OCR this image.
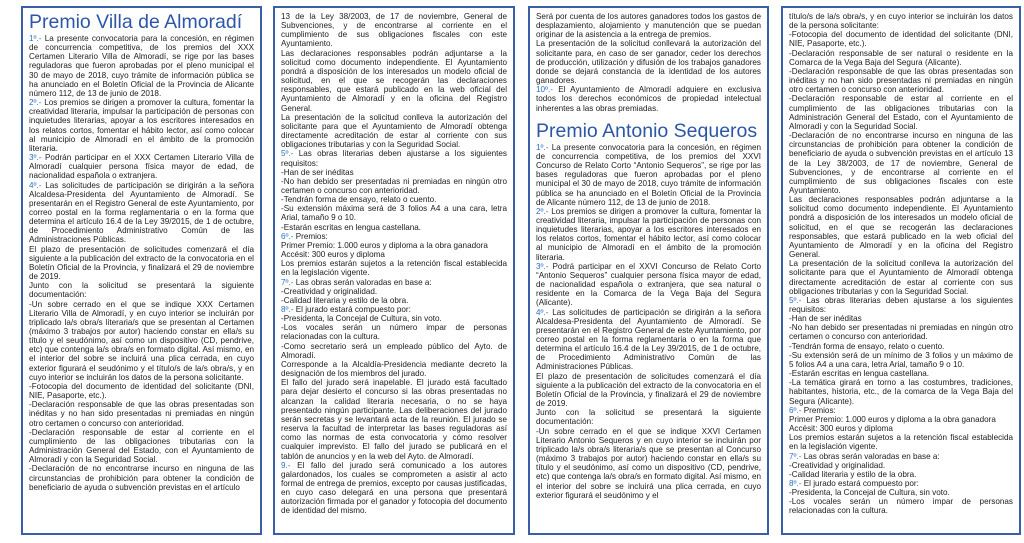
Premio Villa de Almoradí

1º.- La presente convocatoria para la concesión, en régimen de concurrencia competitiva, de los premios del XXX Certamen Literario Villa de Almoradí, se rige por las bases reguladoras que fueron aprobadas por el pleno municipal el 30 de mayo de 2018, cuyo trámite de información pública se ha anunciado en el Boletín Oficial de la Provincia de Alicante número 112, de 13 de junio de 2018.

2º.- Los premios se dirigen a promover la cultura, fomentar la creatividad literaria, impulsar la participación de personas con inquietudes literarias, apoyar a los escritores interesados en los relatos cortos, fomentar el hábito lector, así como colocar al municipio de Almoradí en el ámbito de la promoción literaria.

3º.- Podrán participar en el XXX Certamen Literario Villa de Almoradí cualquier persona física mayor de edad, de nacionalidad española o extranjera.

4º.- Las solicitudes de participación se dirigirán a la señora Alcaldesa-Presidenta del Ayuntamiento de Almoradí. Se presentarán en el Registro General de este Ayuntamiento, por correo postal en la forma reglamentaria o en la forma que determina el artículo 16.4 de la Ley 39/2015, de 1 de octubre, de Procedimiento Administrativo Común de las Administraciones Públicas.

El plazo de presentación de solicitudes comenzará el día siguiente a la publicación del extracto de la convocatoria en el Boletín Oficial de la Provincia, y finalizará el 29 de noviembre de 2019.

Junto con la solicitud se presentará la siguiente documentación:

-Un sobre cerrado en el que se indique XXX Certamen Literario Villa de Almoradí, y en cuyo interior se incluirán por triplicado la/s obra/s literaria/s que se presentan al Certamen (máximo 3 trabajos por autor) haciendo constar en ella/s su título y el seudónimo, así como un dispositivo (CD, pendrive, etc) que contenga la/s obra/s en formato digital. Así mismo, en el interior del sobre se incluirá una plica cerrada, en cuyo exterior figurará el seudónimo y el título/s de la/s obra/s, y en cuyo interior se incluirán los datos de la persona solicitante.

-Fotocopia del documento de identidad del solicitante (DNI, NIE, Pasaporte, etc.).

-Declaración responsable de que las obras presentadas son inéditas y no han sido presentadas ni premiadas en ningún otro certamen o concurso con anterioridad.

-Declaración responsable de estar al corriente en el cumplimiento de las obligaciones tributarias con la Administración General del Estado, con el Ayuntamiento de Almoradí y con la Seguridad Social.

-Declaración de no encontrarse incurso en ninguna de las circunstancias de prohibición para obtener la condición de beneficiario de ayuda o subvención previstas en el artículo

13 de la Ley 38/2003, de 17 de noviembre, General de Subvenciones, y de encontrarse al corriente en el cumplimiento de sus obligaciones fiscales con este Ayuntamiento.

Las declaraciones responsables podrán adjuntarse a la solicitud como documento independiente. El Ayuntamiento pondrá a disposición de los interesados un modelo oficial de solicitud, en el que se recogerán las declaraciones responsables, que estará publicado en la web oficial del Ayuntamiento de Almoradí y en la oficina del Registro General.

La presentación de la solicitud conlleva la autorización del solicitante para que el Ayuntamiento de Almoradí obtenga directamente acreditación de estar al corriente con sus obligaciones tributarias y con la Seguridad Social.

5º.- Las obras literarias deben ajustarse a los siguientes requisitos:

-Han de ser inéditas

-No han debido ser presentadas ni premiadas en ningún otro certamen o concurso con anterioridad.

-Tendrán forma de ensayo, relato o cuento.

-Su extensión máxima será de 3 folios A4 a una cara, letra Arial, tamaño 9 o 10.

-Estarán escritas en lengua castellana.

6º.- Premios:

Primer Premio: 1.000 euros y diploma a la obra ganadora

Accésit: 300 euros y diploma

Los premios estarán sujetos a la retención fiscal establecida en la legislación vigente.

7º.- Las obras serán valoradas en base a:

-Creatividad y originalidad.

-Calidad literaria y estilo de la obra.

8º.- El jurado estará compuesto por:

-Presidenta, la Concejal de Cultura, sin voto.

-Los vocales serán un número impar de personas relacionadas con la cultura.

-Como secretario será un empleado público del Ayto. de Almoradí.

Corresponde a la Alcaldía-Presidencia mediante decreto la designación de los miembros del jurado.

El fallo del jurado será inapelable. El jurado está facultado para dejar desierto el concurso si las obras presentadas no alcanzan la calidad literaria necesaria, o no se haya presentado ningún participante. Las deliberaciones del jurado serán secretas y se levantará acta de la reunión. El jurado se reserva la facultad de interpretar las bases reguladoras así como las normas de esta convocatoria y cómo resolver cualquier imprevisto. El fallo del jurado se publicará en el tablón de anuncios y en la web del Ayto. de Almoradí.

9.- El fallo del jurado será comunicado a los autores galardonados, los cuales se comprometen a asistir al acto formal de entrega de premios, excepto por causas justificadas, en cuyo caso delegará en una persona que presentará autorización firmada por el ganador y fotocopia del documento de identidad del mismo.

Será por cuenta de los autores ganadores todos los gastos de desplazamiento, alojamiento y manutención que se puedan originar de la asistencia a la entrega de premios.

La presentación de la solicitud conllevará la autorización del solicitante para, en caso de ser ganador, ceder los derechos de producción, utilización y difusión de los trabajos ganadores donde se dejará constancia de la identidad de los autores ganadores.

10º.- El Ayuntamiento de Almoradí adquiere en exclusiva todos los derechos económicos de propiedad intelectual inherentes a las obras premiadas.

Premio Antonio Sequeros

1º.- La presente convocatoria para la concesión, en régimen de concurrencia competitiva, de los premios del XXVI Concurso de Relato Corto “Antonio Sequeros”, se rige por las bases reguladoras que fueron aprobadas por el pleno municipal el 30 de mayo de 2018, cuyo trámite de información pública se ha anunciado en el Boletín Oficial de la Provincia de Alicante número 112, de 13 de junio de 2018.

2º.- Los premios se dirigen a promover la cultura, fomentar la creatividad literaria, impulsar la participación de personas con inquietudes literarias, apoyar a los escritores interesados en los relatos cortos, fomentar el hábito lector, así como colocar al municipio de Almoradí en el ámbito de la promoción literaria.

3º.- Podrá participar en el XXVI Concurso de Relato Corto “Antonio Sequeros” cualquier persona física mayor de edad, de nacionalidad española o extranjera, que sea natural o residente en la Comarca de la Vega Baja del Segura (Alicante).

4º.- Las solicitudes de participación se dirigirán a la señora Alcaldesa-Presidenta del Ayuntamiento de Almoradí. Se presentarán en el Registro General de este Ayuntamiento, por correo postal en la forma reglamentaria o en la forma que determina el artículo 16.4 de la Ley 39/2015, de 1 de octubre, de Procedimiento Administrativo Común de las Administraciones Públicas.

El plazo de presentación de solicitudes comenzará el día siguiente a la publicación del extracto de la convocatoria en el Boletín Oficial de la Provincia, y finalizará el 29 de noviembre de 2019.

Junto con la solicitud se presentará la siguiente documentación:

-Un sobre cerrado en el que se indique XXVI Certamen Literario Antonio Sequeros y en cuyo interior se incluirán por triplicado la/s obra/s literaria/s que se presentan al Concurso (máximo 3 trabajos por autor) haciendo constar en ella/s su título y el seudónimo, así como un dispositivo (CD, pendrive, etc) que contenga la/s obra/s en formato digital. Así mismo, en el interior del sobre se incluirá una plica cerrada, en cuyo exterior figurará el seudónimo y el

título/s de la/s obra/s, y en cuyo interior se incluirán los datos de la persona solicitante:

-Fotocopia del documento de identidad del solicitante (DNI, NIE, Pasaporte, etc.).

-Declaración responsable de ser natural o residente en la Comarca de la Vega Baja del Segura (Alicante).

-Declaración responsable de que las obras presentadas son inéditas y no han sido presentadas ni premiadas en ningún otro certamen o concurso con anterioridad.

-Declaración responsable de estar al corriente en el cumplimiento de las obligaciones tributarias con la Administración General del Estado, con el Ayuntamiento de Almoradí y con la Seguridad Social.

-Declaración de no encontrarse incurso en ninguna de las circunstancias de prohibición para obtener la condición de beneficiario de ayuda o subvención previstas en el artículo 13 de la Ley 38/2003, de 17 de noviembre, General de Subvenciones, y de encontrarse al corriente en el cumplimiento de sus obligaciones fiscales con este Ayuntamiento.

Las declaraciones responsables podrán adjuntarse a la solicitud como documento independiente. El Ayuntamiento pondrá a disposición de los interesados un modelo oficial de solicitud, en el que se recogerán las declaraciones responsables, que estará publicado en la web oficial del Ayuntamiento de Almoradí y en la oficina del Registro General.

La presentación de la solicitud conlleva la autorización del solicitante para que el Ayuntamiento de Almoradí obtenga directamente acreditación de estar al corriente con sus obligaciones tributarias y con la Seguridad Social.

5º.- Las obras literarias deben ajustarse a los siguientes requisitos:

-Han de ser inéditas

-No han debido ser presentadas ni premiadas en ningún otro certamen o concurso con anterioridad.

-Tendrán forma de ensayo, relato o cuento.

-Su extensión será de un mínimo de 3 folios y un máximo de 5 folios A4 a una cara, letra Arial, tamaño 9 o 10.

-Estarán escritas en lengua castellana.

-La temática girará en torno a las costumbres, tradiciones, habitantes, historia, etc., de la comarca de la Vega Baja del Segura (Alicante).

6º.- Premios:

Primer Premio: 1.000 euros y diploma a la obra ganadora

Accésit: 300 euros y diploma

Los premios estarán sujetos a la retención fiscal establecida en la legislación vigente.

7º.- Las obras serán valoradas en base a:

-Creatividad y originalidad.

-Calidad literaria y estilo de la obra.

8º.- El jurado estará compuesto por:

-Presidenta, la Concejal de Cultura, sin voto.

-Los vocales serán un número impar de personas relacionadas con la cultura.
